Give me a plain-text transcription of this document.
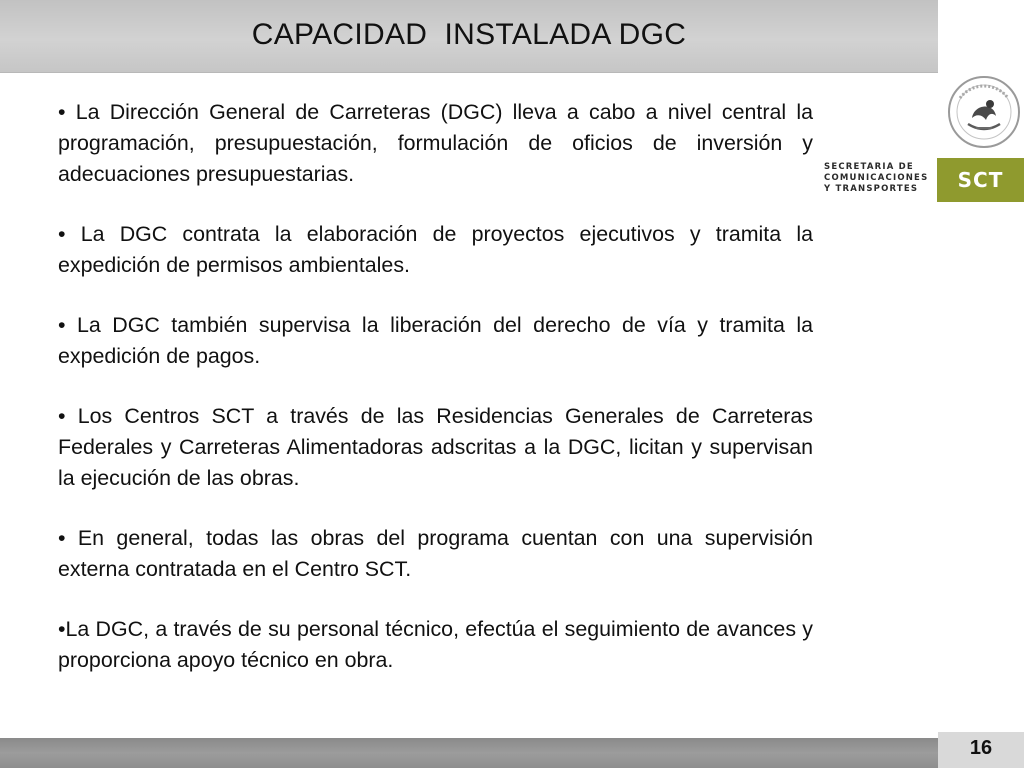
CAPACIDAD  INSTALADA DGC
SECRETARIA DE
COMUNICACIONES
Y TRANSPORTES	SCT

• La Dirección General de Carreteras (DGC) lleva a cabo a nivel central la programación, presupuestación, formulación de oficios de inversión y adecuaciones presupuestarias.

• La DGC contrata la elaboración de proyectos ejecutivos y tramita la expedición de permisos ambientales.

• La DGC también supervisa la liberación del derecho de vía y tramita la expedición de pagos.

• Los Centros SCT a través de las Residencias Generales de Carreteras Federales y Carreteras Alimentadoras adscritas a la DGC, licitan y supervisan la ejecución de las obras.

• En general, todas las obras del programa cuentan con una supervisión externa contratada en el Centro SCT.

•La DGC, a través de su personal técnico, efectúa el seguimiento de avances y proporciona apoyo técnico en obra.

16
